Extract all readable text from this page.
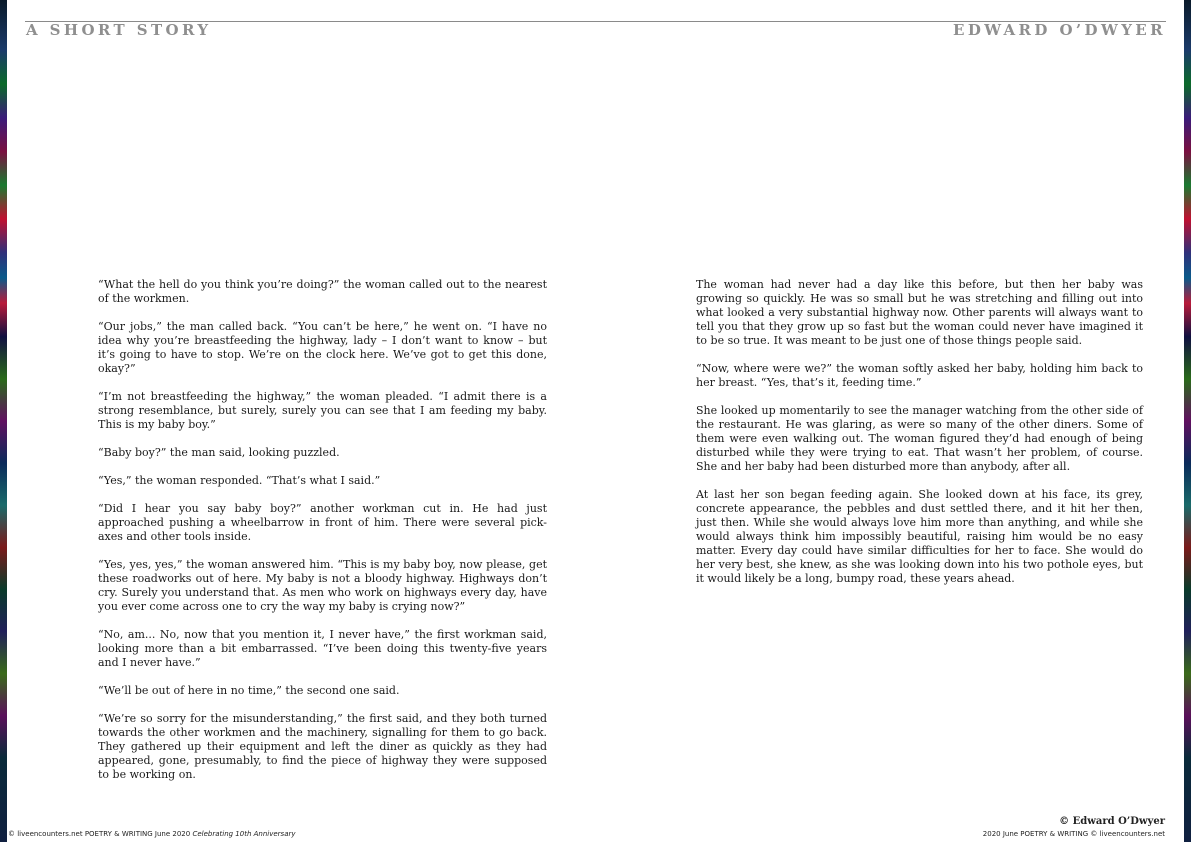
A SHORT STORY	EDWARD O’DWYER

“What the hell do you think you’re doing?” the woman called out to the nearest of the workmen.

“Our jobs,” the man called back. “You can’t be here,” he went on. “I have no idea why you’re breastfeeding the highway, lady – I don’t want to know – but it’s going to have to stop. We’re on the clock here. We’ve got to get this done, okay?”

“I’m not breastfeeding the highway,” the woman pleaded. “I admit there is a strong resemblance, but surely, surely you can see that I am feeding my baby. This is my baby boy.”

“Baby boy?” the man said, looking puzzled.

“Yes,” the woman responded. “That’s what I said.”

“Did I hear you say baby boy?” another workman cut in. He had just approached pushing a wheelbarrow in front of him. There were several pick-axes and other tools inside.

“Yes, yes, yes,” the woman answered him. “This is my baby boy, now please, get these roadworks out of here. My baby is not a bloody highway. Highways don’t cry. Surely you understand that. As men who work on highways every day, have you ever come across one to cry the way my baby is crying now?”

“No, am... No, now that you mention it, I never have,” the first workman said, looking more than a bit embarrassed. “I’ve been doing this twenty-five years and I never have.”

“We’ll be out of here in no time,” the second one said.

“We’re so sorry for the misunderstanding,” the first said, and they both turned towards the other workmen and the machinery, signalling for them to go back. They gathered up their equipment and left the diner as quickly as they had appeared, gone, presumably, to find the piece of highway they were supposed to be working on.

The woman had never had a day like this before, but then her baby was growing so quickly. He was so small but he was stretching and filling out into what looked a very substantial highway now. Other parents will always want to tell you that they grow up so fast but the woman could never have imagined it to be so true. It was meant to be just one of those things people said.

“Now, where were we?” the woman softly asked her baby, holding him back to her breast. “Yes, that’s it, feeding time.”

She looked up momentarily to see the manager watching from the other side of the restaurant. He was glaring, as were so many of the other diners. Some of them were even walking out. The woman figured they’d had enough of being disturbed while they were trying to eat. That wasn’t her problem, of course. She and her baby had been disturbed more than anybody, after all.

At last her son began feeding again. She looked down at his face, its grey, concrete appearance, the pebbles and dust settled there, and it hit her then, just then. While she would always love him more than anything, and while she would always think him impossibly beautiful, raising him would be no easy matter. Every day could have similar difficulties for her to face. She would do her very best, she knew, as she was looking down into his two pothole eyes, but it would likely be a long, bumpy road, these years ahead.

© liveencounters.net POETRY & WRITING June 2020 Celebrating 10th Anniversary
© Edward O’Dwyer
2020 June POETRY & WRITING © liveencounters.net
